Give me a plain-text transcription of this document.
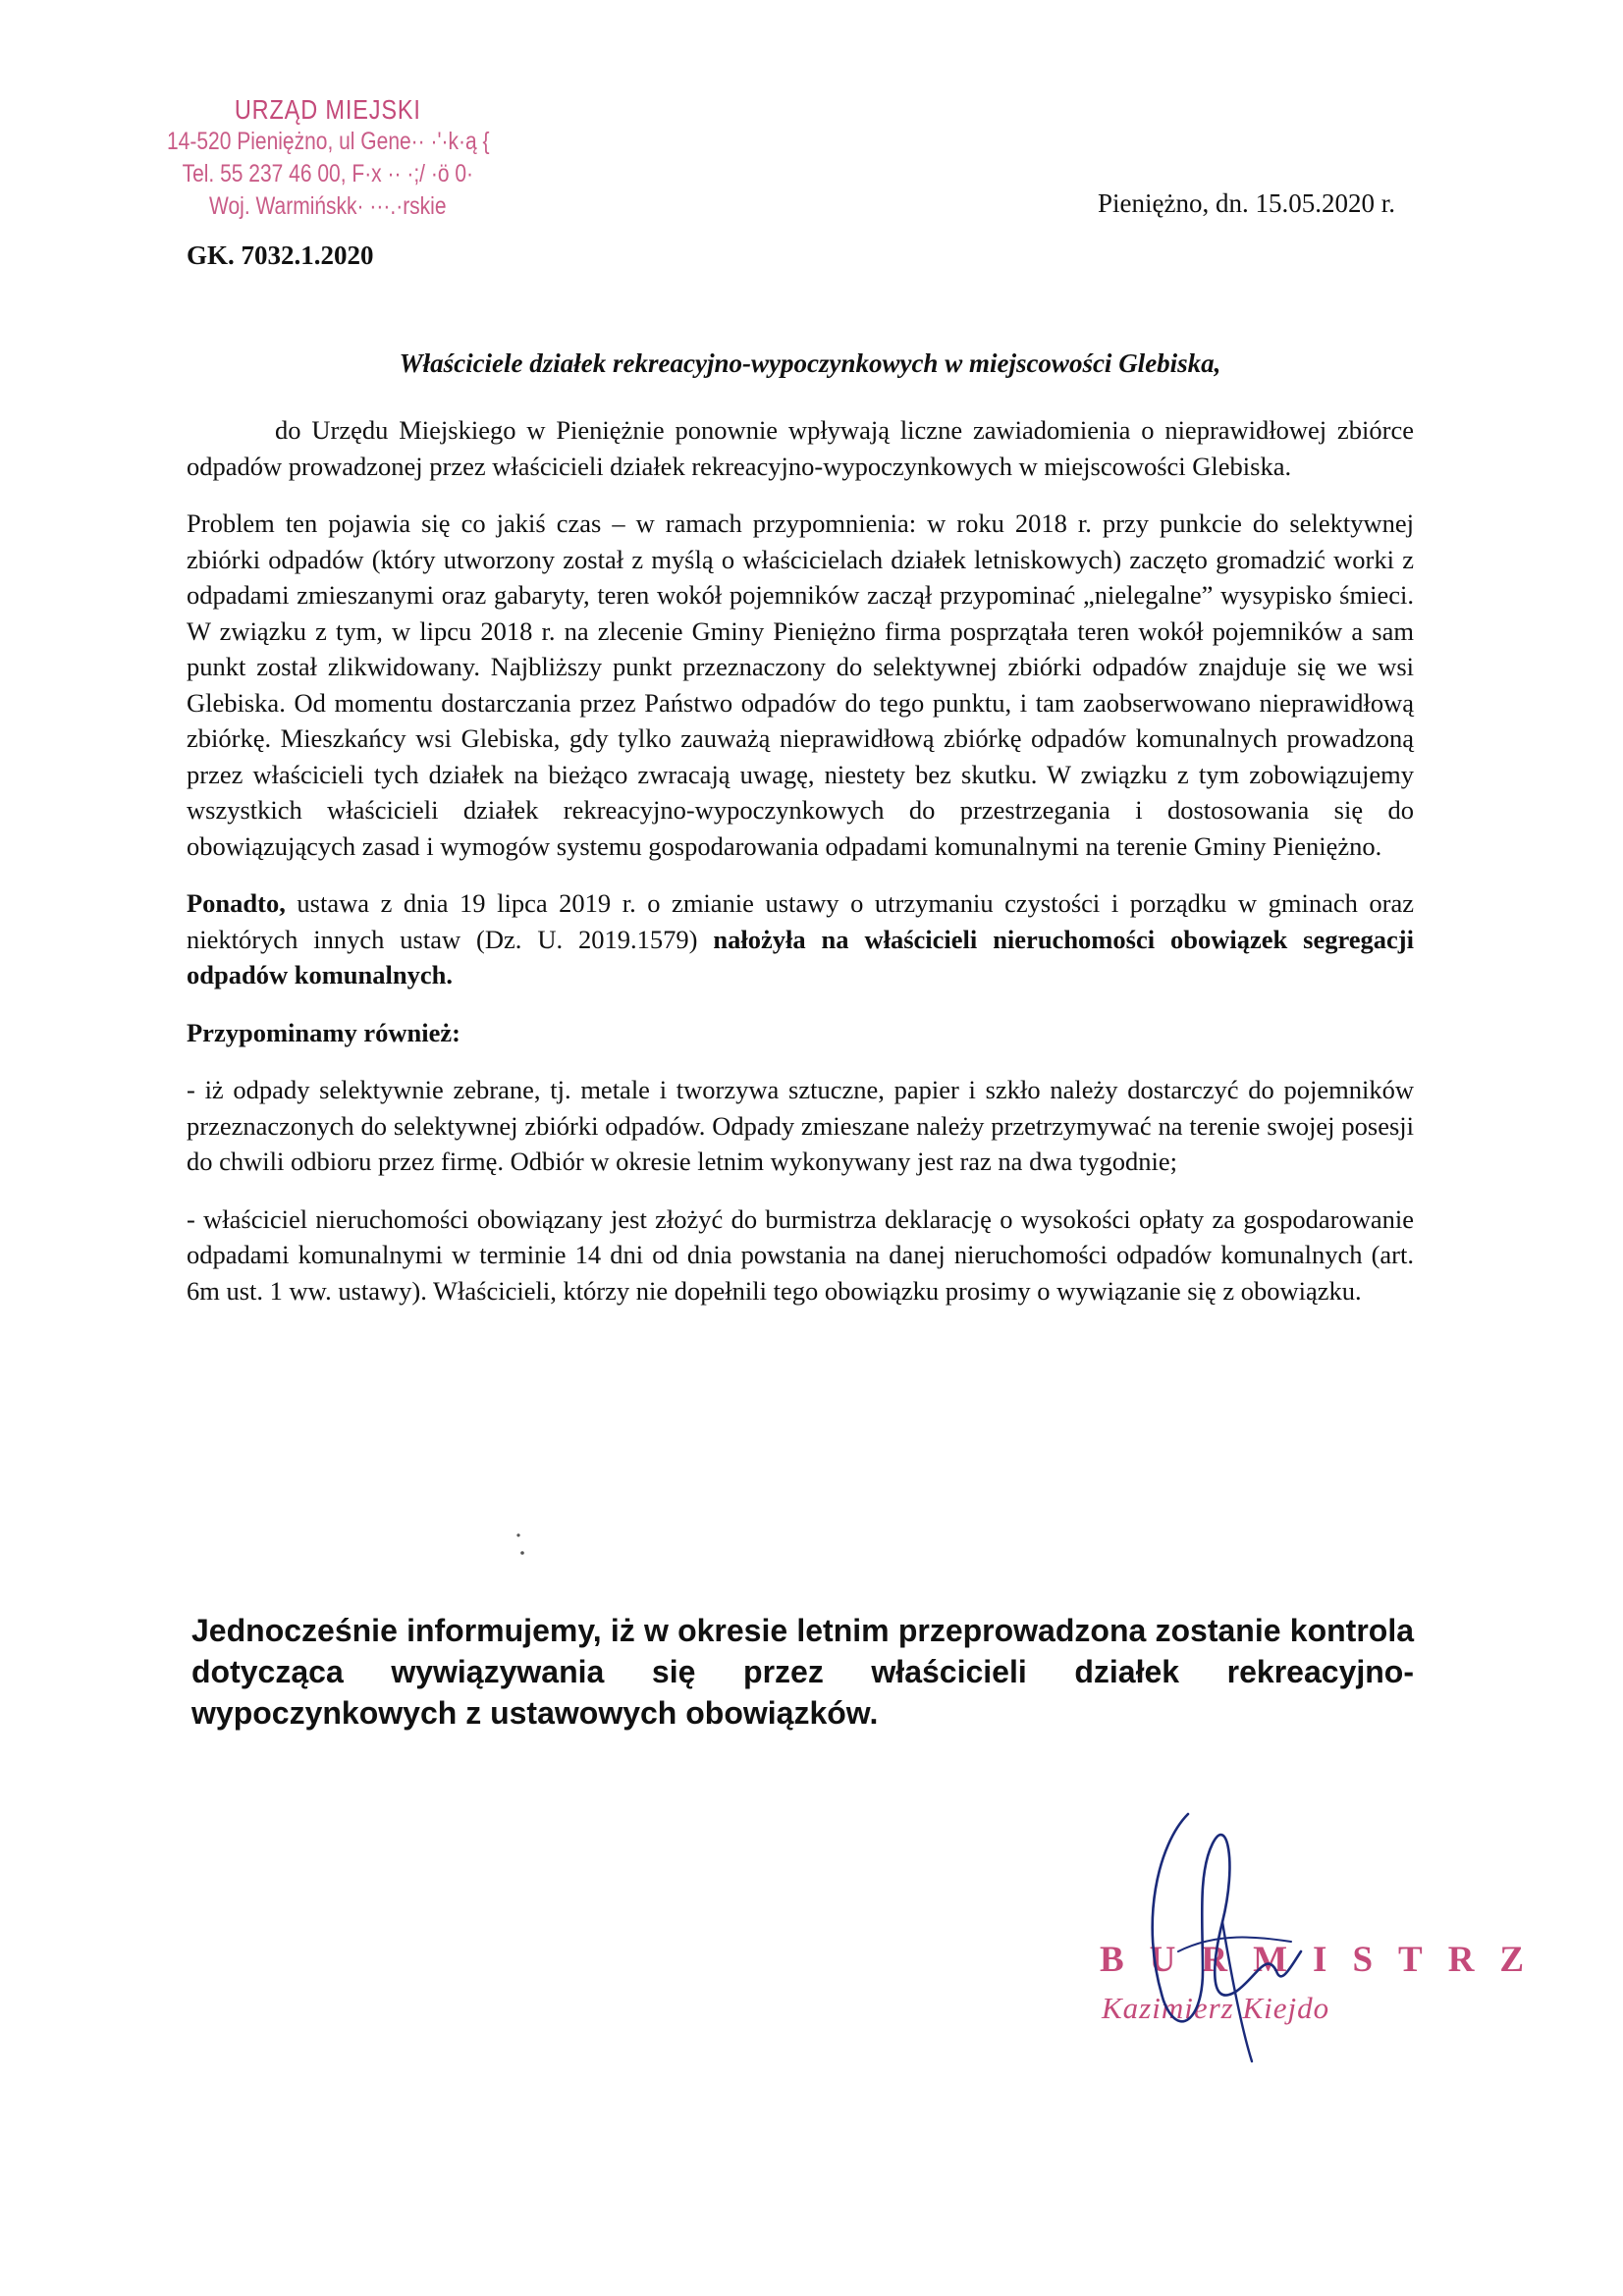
URZĄD MIEJSKI
14-520 Pieniężno, ul Gene·· ·'·k·ą {
Tel. 55 237 46 00, F·x ·· ·;/ ·ö 0·
Woj. Warmińskk· ···.·rskie	Pieniężno, dn. 15.05.2020 r.
GK. 7032.1.2020
Właściciele działek rekreacyjno-wypoczynkowych w miejscowości Glebiska,

do Urzędu Miejskiego w Pieniężnie ponownie wpływają liczne zawiadomienia o nieprawidłowej zbiórce odpadów prowadzonej przez właścicieli działek rekreacyjno-wypoczynkowych w miejscowości Glebiska.

Problem ten pojawia się co jakiś czas – w ramach przypomnienia: w roku 2018 r. przy punkcie do selektywnej zbiórki odpadów (który utworzony został z myślą o właścicielach działek letniskowych) zaczęto gromadzić worki z odpadami zmieszanymi oraz gabaryty, teren wokół pojemników zaczął przypominać „nielegalne” wysypisko śmieci. W związku z tym, w lipcu 2018 r. na zlecenie Gminy Pieniężno firma posprzątała teren wokół pojemników a sam punkt został zlikwidowany. Najbliższy punkt przeznaczony do selektywnej zbiórki odpadów znajduje się we wsi Glebiska. Od momentu dostarczania przez Państwo odpadów do tego punktu, i tam zaobserwowano nieprawidłową zbiórkę. Mieszkańcy wsi Glebiska, gdy tylko zauważą nieprawidłową zbiórkę odpadów komunalnych prowadzoną przez właścicieli tych działek na bieżąco zwracają uwagę, niestety bez skutku. W związku z tym zobowiązujemy wszystkich właścicieli działek rekreacyjno-wypoczynkowych do przestrzegania i dostosowania się do obowiązujących zasad i wymogów systemu gospodarowania odpadami komunalnymi na terenie Gminy Pieniężno.

Ponadto, ustawa z dnia 19 lipca 2019 r. o zmianie ustawy o utrzymaniu czystości i porządku w gminach oraz niektórych innych ustaw (Dz. U. 2019.1579) nałożyła na właścicieli nieruchomości obowiązek segregacji odpadów komunalnych.

Przypominamy również:

- iż odpady selektywnie zebrane, tj. metale i tworzywa sztuczne, papier i szkło należy dostarczyć do pojemników przeznaczonych do selektywnej zbiórki odpadów. Odpady zmieszane należy przetrzymywać na terenie swojej posesji do chwili odbioru przez firmę. Odbiór w okresie letnim wykonywany jest raz na dwa tygodnie;

- właściciel nieruchomości obowiązany jest złożyć do burmistrza deklarację o wysokości opłaty za gospodarowanie odpadami komunalnymi w terminie 14 dni od dnia powstania na danej nieruchomości odpadów komunalnych (art. 6m ust. 1 ww. ustawy). Właścicieli, którzy nie dopełnili tego obowiązku prosimy o wywiązanie się z obowiązku.

Jednocześnie informujemy, iż w okresie letnim przeprowadzona zostanie kontrola dotycząca wywiązywania się przez właścicieli działek rekreacyjno-wypoczynkowych z ustawowych obowiązków.
BURMISTRZ
Kazimierz Kiejdo
